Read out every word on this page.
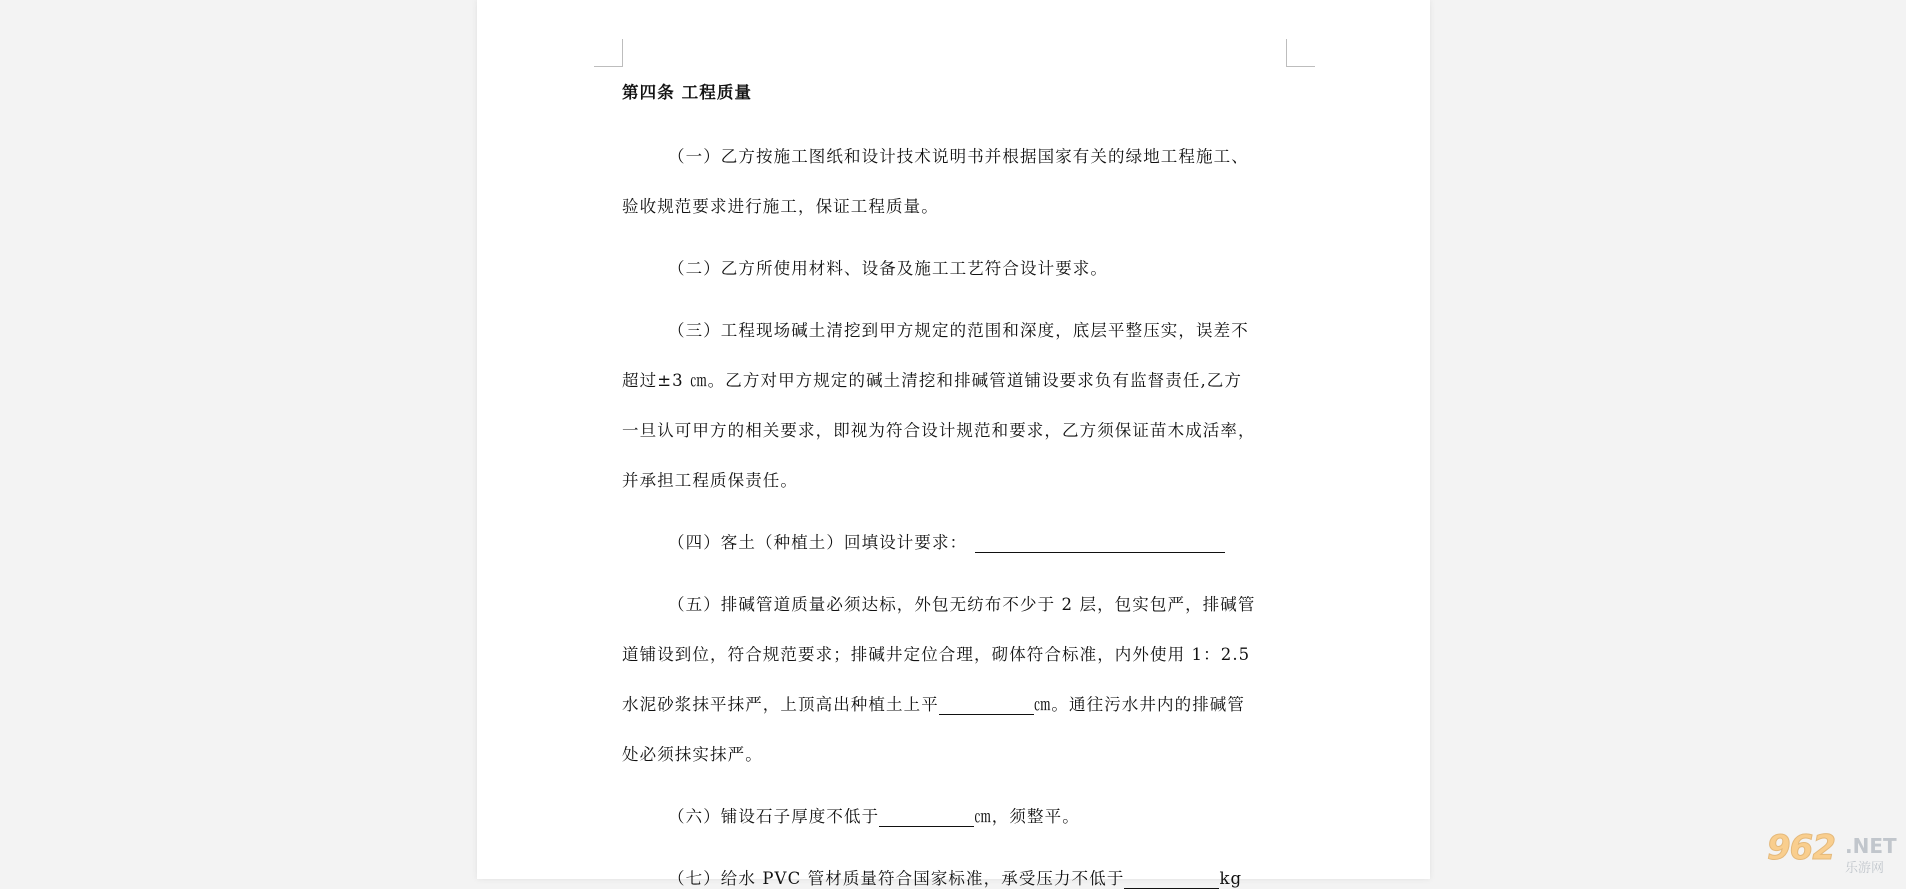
第四条 工程质量
（一）乙方按施工图纸和设计技术说明书并根据国家有关的绿地工程施工、
验收规范要求进行施工，保证工程质量。
（二）乙方所使用材料、设备及施工工艺符合设计要求。
（三）工程现场碱土清挖到甲方规定的范围和深度，底层平整压实，误差不
超过±3 ㎝。乙方对甲方规定的碱土清挖和排碱管道铺设要求负有监督责任,乙方
一旦认可甲方的相关要求，即视为符合设计规范和要求，乙方须保证苗木成活率，
并承担工程质保责任。
（四）客土（种植土）回填设计要求：
（五）排碱管道质量必须达标，外包无纺布不少于 2 层，包实包严，排碱管
道铺设到位，符合规范要求；排碱井定位合理，砌体符合标准，内外使用 1：2.5
水泥砂浆抹平抹严，上顶高出种植土上平	㎝。通往污水井内的排碱管
处必须抹实抹严。
（六）铺设石子厚度不低于	㎝，须整平。
（七）给水 PVC 管材质量符合国家标准，承受压力不低于	kg
962 .NET
乐游网
